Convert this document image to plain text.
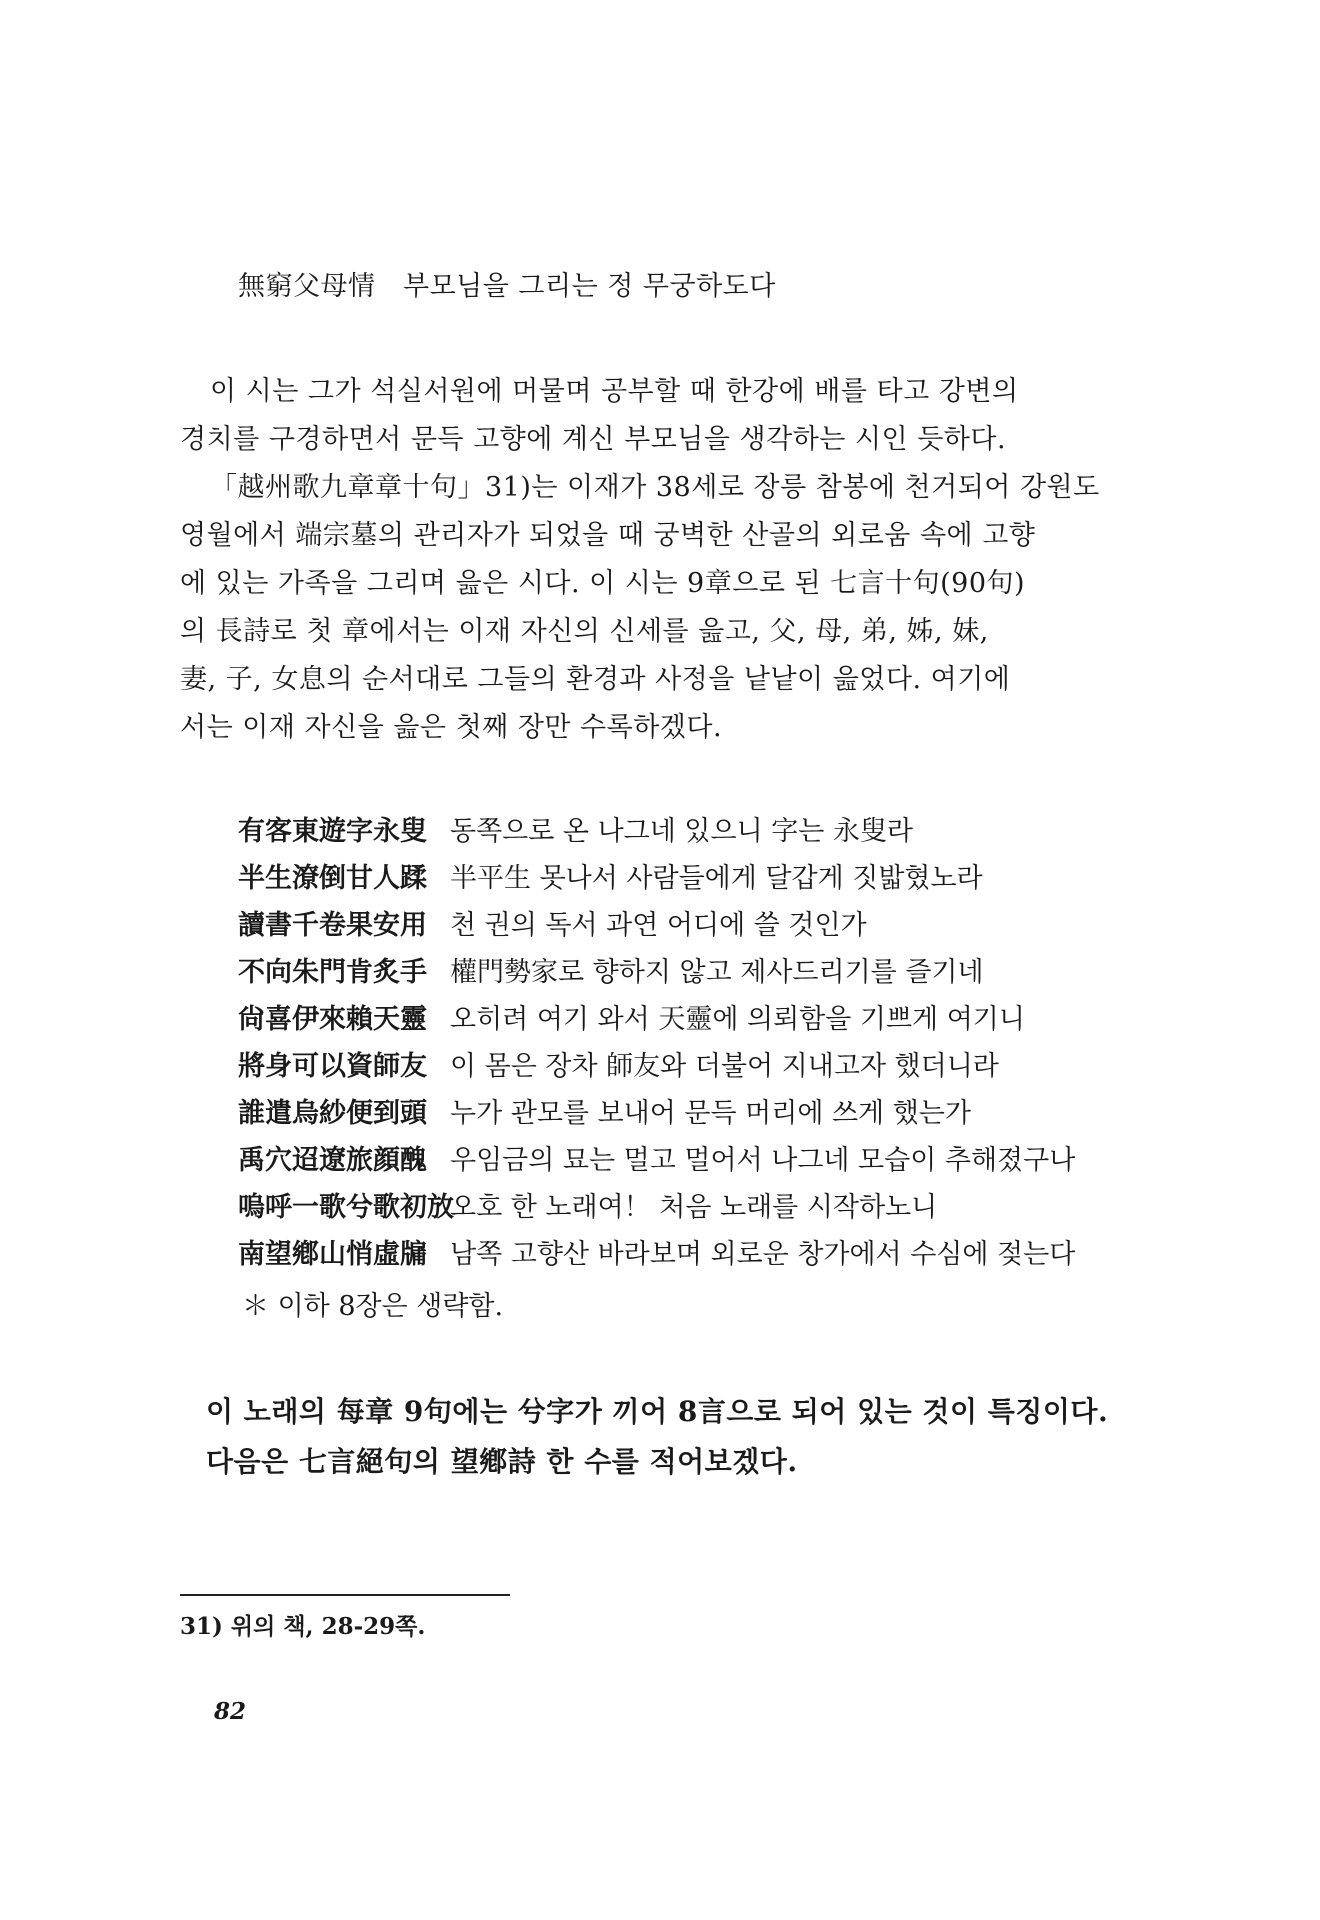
無窮父母情　부모님을 그리는 정 무궁하도다
이 시는 그가 석실서원에 머물며 공부할 때 한강에 배를 타고 강변의
경치를 구경하면서 문득 고향에 계신 부모님을 생각하는 시인 듯하다.
「越州歌九章章十句」31)는 이재가 38세로 장릉 참봉에 천거되어 강원도
영월에서 端宗墓의 관리자가 되었을 때 궁벽한 산골의 외로움 속에 고향
에 있는 가족을 그리며 읊은 시다. 이 시는 9章으로 된 七言十句(90句)
의 長詩로 첫 章에서는 이재 자신의 신세를 읊고, 父, 母, 弟, 姊, 妹,
妻, 子, 女息의 순서대로 그들의 환경과 사정을 낱낱이 읊었다. 여기에
서는 이재 자신을 읊은 첫째 장만 수록하겠다.
有客東遊字永叟 동쪽으로 온 나그네 있으니 字는 永叟라
半生潦倒甘人蹂 半平生 못나서 사람들에게 달갑게 짓밟혔노라
讀書千卷果安用 천 권의 독서 과연 어디에 쓸 것인가
不向朱門肯炙手 權門勢家로 향하지 않고 제사드리기를 즐기네
尙喜伊來賴天靈 오히려 여기 와서 天靈에 의뢰함을 기쁘게 여기니
將身可以資師友 이 몸은 장차 師友와 더불어 지내고자 했더니라
誰遣烏紗便到頭 누가 관모를 보내어 문득 머리에 쓰게 했는가
禹穴迢遼旅顔醜 우임금의 묘는 멀고 멀어서 나그네 모습이 추해졌구나
嗚呼一歌兮歌初放
오호 한 노래여！ 처음 노래를 시작하노니
南望鄕山悄虛牖 남쪽 고향산 바라보며 외로운 창가에서 수심에 젖는다
＊ 이하 8장은 생략함.
이 노래의 每章 9句에는 兮字가 끼어 8言으로 되어 있는 것이 특징이다.
다음은 七言絕句의 望鄕詩 한 수를 적어보겠다.
31) 위의 책, 28-29쪽.
82
